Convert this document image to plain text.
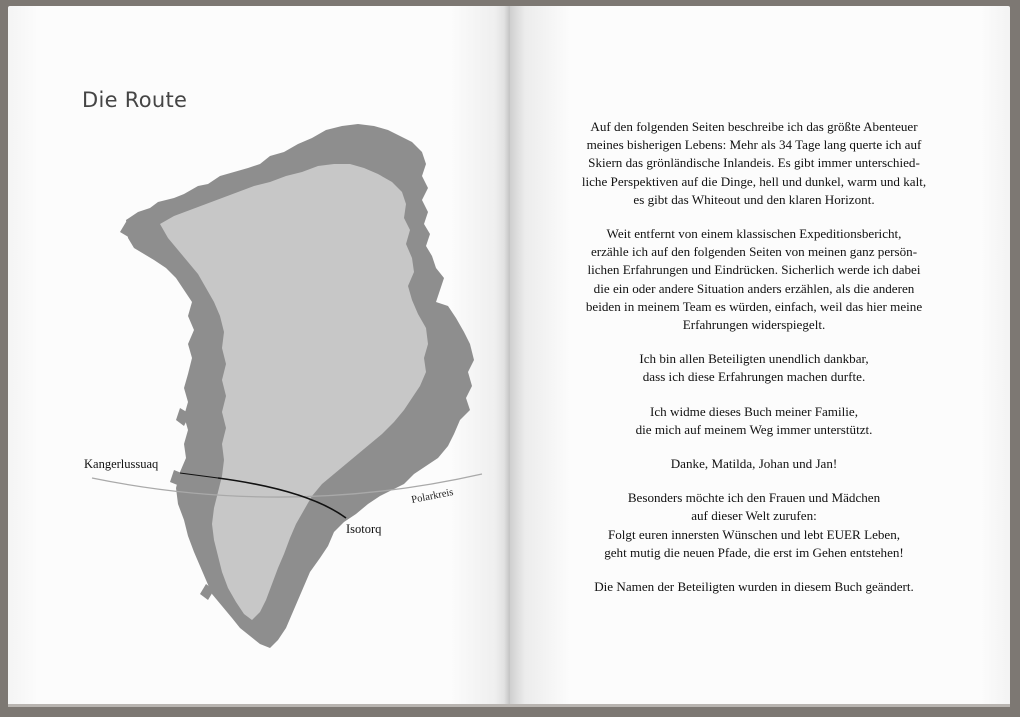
Die Route
Kangerlussuaq
Isotorq
Polarkreis

Auf den folgenden Seiten beschreibe ich das größte Abenteuer
meines bisherigen Lebens: Mehr als 34 Tage lang querte ich auf
Skiern das grönländische Inlandeis. Es gibt immer unterschied-
liche Perspektiven auf die Dinge, hell und dunkel, warm und kalt,
es gibt das Whiteout und den klaren Horizont.

Weit entfernt von einem klassischen Expeditionsbericht,
erzähle ich auf den folgenden Seiten von meinen ganz persön-
lichen Erfahrungen und Eindrücken. Sicherlich werde ich dabei
die ein oder andere Situation anders erzählen, als die anderen
beiden in meinem Team es würden, einfach, weil das hier meine
Erfahrungen widerspiegelt.

Ich bin allen Beteiligten unendlich dankbar,
dass ich diese Erfahrungen machen durfte.

Ich widme dieses Buch meiner Familie,
die mich auf meinem Weg immer unterstützt.

Danke, Matilda, Johan und Jan!

Besonders möchte ich den Frauen und Mädchen
auf dieser Welt zurufen:
Folgt euren innersten Wünschen und lebt EUER Leben,
geht mutig die neuen Pfade, die erst im Gehen entstehen!

Die Namen der Beteiligten wurden in diesem Buch geändert.
